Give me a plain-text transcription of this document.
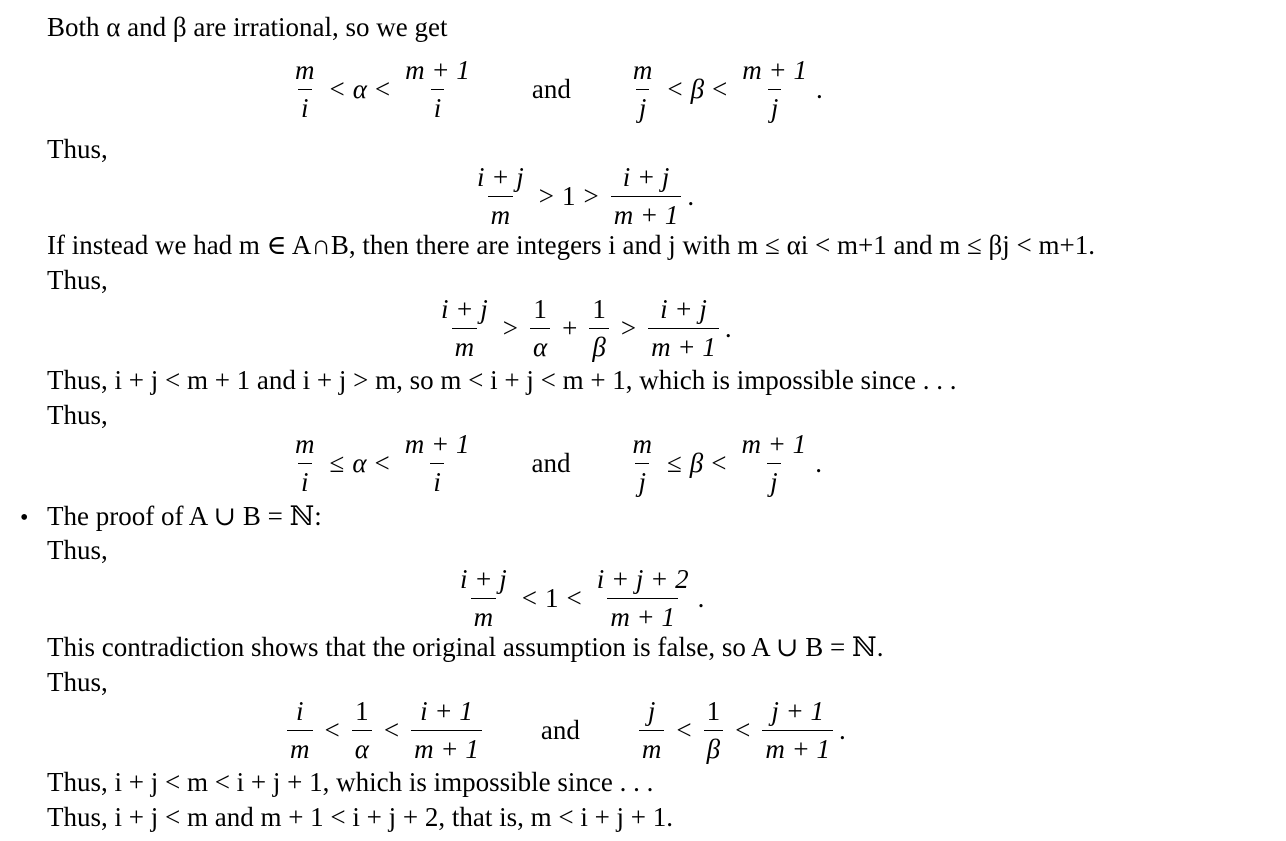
Both α and β are irrational, so we get
$\frac{m}{i} < \alpha < \frac{m + 1}{i}$ and $\frac{m}{j} < \beta < \frac{m + 1}{j}$ .
Thus,
$\frac{i + j}{m} > 1 > \frac{i + j}{m + 1}$ .
If instead we had m ∈ A∩B, then there are integers i and j with m ≤ αi < m+1 and m ≤ βj < m+1.
Thus,
$\frac{i + j}{m} > \frac{1}{\alpha} + \frac{1}{\beta} > \frac{i + j}{m + 1}$ .
Thus, i + j < m + 1 and i + j > m, so m < i + j < m + 1, which is impossible since . . .
Thus,
$\frac{m}{i} \le \alpha < \frac{m + 1}{i}$ and $\frac{m}{j} \le \beta < \frac{m + 1}{j}$ .
• The proof of A ∪ B = ℕ:
Thus,
$\frac{i + j}{m} < 1 < \frac{i + j + 2}{m + 1}$ .
This contradiction shows that the original assumption is false, so A ∪ B = ℕ.
Thus,
$\frac{i}{m} < \frac{1}{\alpha} < \frac{i + 1}{m + 1}$ and $\frac{j}{m} < \frac{1}{\beta} < \frac{j + 1}{m + 1}$ .
Thus, i + j < m < i + j + 1, which is impossible since . . .
Thus, i + j < m and m + 1 < i + j + 2, that is, m < i + j + 1.
